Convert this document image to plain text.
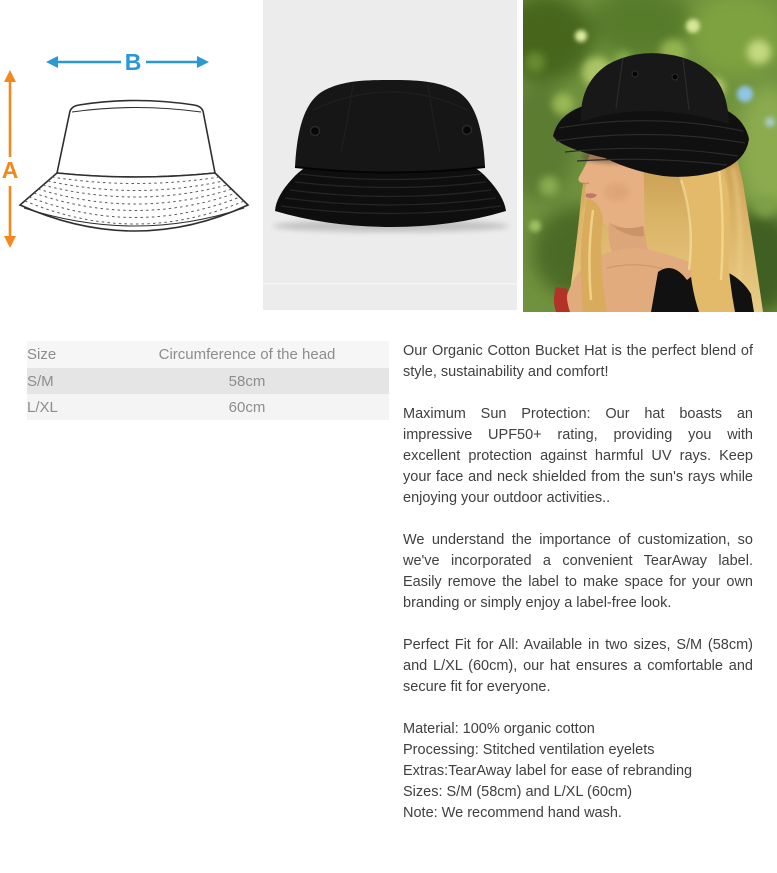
B
A
Size	Circumference of the head
S/M	58cm
L/XL	60cm

Our Organic Cotton Bucket Hat is the perfect blend of style, sustainability and comfort!

Maximum Sun Protection: Our hat boasts an impressive UPF50+ rating, providing you with excellent protection against harmful UV rays. Keep your face and neck shielded from the sun's rays while enjoying your outdoor activities..

We understand the importance of customization, so we've incorporated a convenient TearAway label. Easily remove the label to make space for your own branding or simply enjoy a label-free look.

Perfect Fit for All: Available in two sizes, S/M (58cm) and L/XL (60cm), our hat ensures a comfortable and secure fit for everyone.

Material: 100% organic cotton
Processing: Stitched ventilation eyelets
Extras:TearAway label for ease of rebranding
Sizes: S/M (58cm) and L/XL (60cm)
Note: We recommend hand wash.
